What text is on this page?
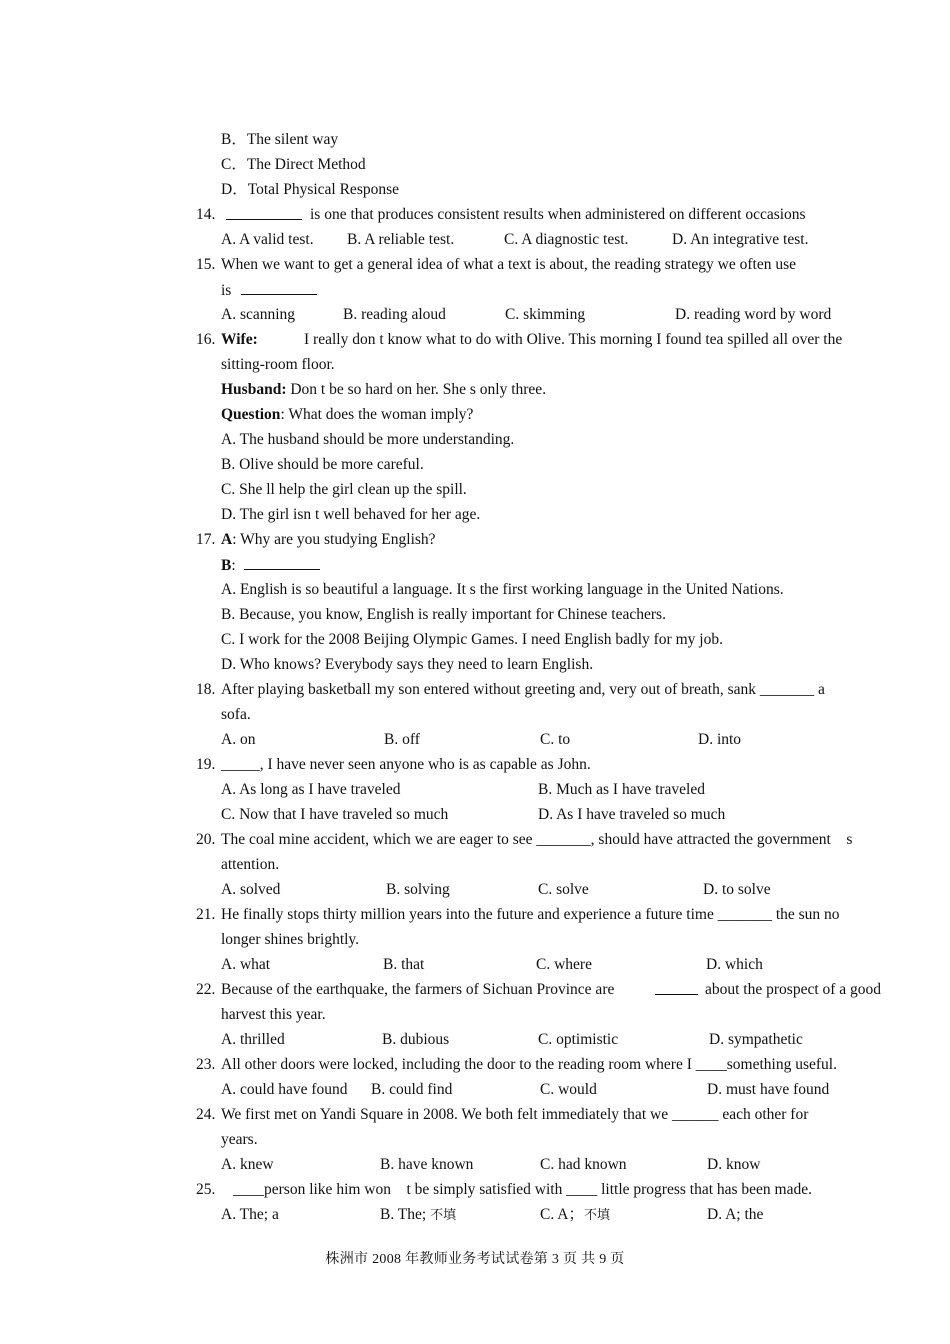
B．The silent way
C．The Direct Method
D．Total Physical Response
14.	is one that produces consistent results when administered on different occasions
A. A valid test. B. A reliable test.	C. A diagnostic test.	D. An integrative test.
15. When we want to get a general idea of what a text is about, the reading strategy we often use
is
A. scanning	B. reading aloud	C. skimming	D. reading word by word
16. Wife:	I really don t know what to do with Olive. This morning I found tea spilled all over the
sitting-room floor.
Husband: Don t be so hard on her. She s only three.
Question: What does the woman imply?
A. The husband should be more understanding.
B. Olive should be more careful.
C. She ll help the girl clean up the spill.
D. The girl isn t well behaved for her age.
17. A: Why are you studying English?
B:
A. English is so beautiful a language. It s the first working language in the United Nations.
B. Because, you know, English is really important for Chinese teachers.
C. I work for the 2008 Beijing Olympic Games. I need English badly for my job.
D. Who knows? Everybody says they need to learn English.
18. After playing basketball my son entered without greeting and, very out of breath, sank _______ a
sofa.
A. on	B. off	C. to	D. into
19. _____, I have never seen anyone who is as capable as John.
A. As long as I have traveled	B. Much as I have traveled
C. Now that I have traveled so much	D. As I have traveled so much
20. The coal mine accident, which we are eager to see _______, should have attracted the government    s
attention.
A. solved	B. solving	C. solve	D. to solve
21. He finally stops thirty million years into the future and experience a future time _______ the sun no
longer shines brightly.
A. what	B. that	C. where	D. which
22. Because of the earthquake, the farmers of Sichuan Province are	about the prospect of a good
harvest this year.
A. thrilled	B. dubious	C. optimistic	D. sympathetic
23. All other doors were locked, including the door to the reading room where I ____something useful.
A. could have found B. could find	C. would	D. must have found
24. We first met on Yandi Square in 2008. We both felt immediately that we ______ each other for
years.
A. knew	B. have known	C. had known	D. know
25. ____person like him won    t be simply satisfied with ____ little progress that has been made.
A. The; a	B. The; 不填	C. A；不填	D. A; the
株洲市 2008 年教师业务考试试卷第 3 页 共 9 页
